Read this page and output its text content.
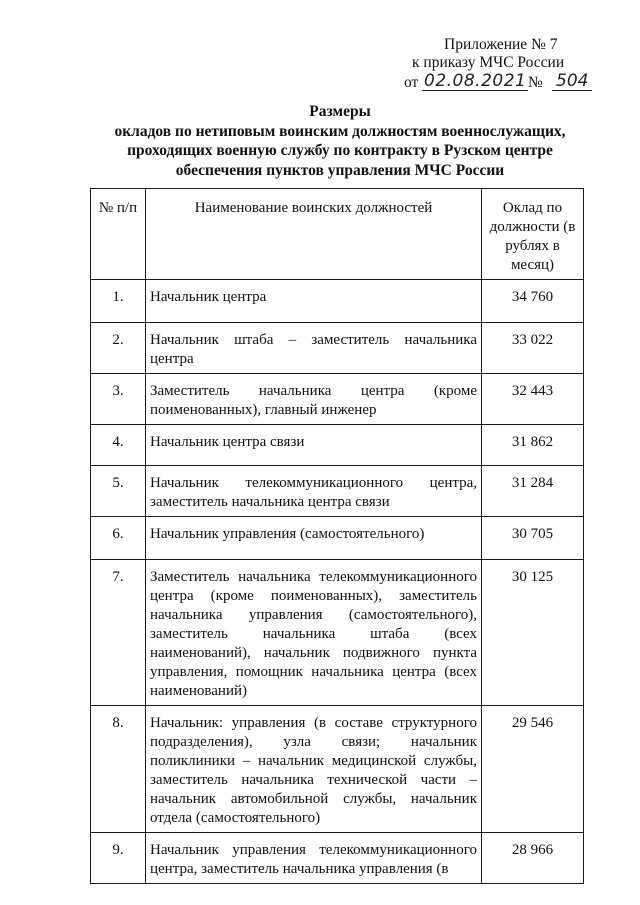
Приложение № 7
к приказу МЧС России
от 02.08.2021 № 504
Размеры
окладов по нетиповым воинским должностям военнослужащих,
проходящих военную службу по контракту в Рузском центре
обеспечения пунктов управления МЧС России
№ п/п	Наименование воинских должностей	Оклад по должности (в рублях в месяц)
1.	Начальник центра	34 760
2.	Начальник штаба – заместитель начальника центра	33 022
3.	Заместитель начальника центра (кроме поименованных), главный инженер	32 443
4.	Начальник центра связи	31 862
5.	Начальник телекоммуникационного центра, заместитель начальника центра связи	31 284
6.	Начальник управления (самостоятельного)	30 705
7.	Заместитель начальника телекоммуникационного центра (кроме поименованных), заместитель начальника управления (самостоятельного), заместитель начальника штаба (всех наименований), начальник подвижного пункта управления, помощник начальника центра (всех наименований)	30 125
8.	Начальник: управления (в составе структурного подразделения), узла связи; начальник поликлиники – начальник медицинской службы, заместитель начальника технической части – начальник автомобильной службы, начальник отдела (самостоятельного)	29 546
9.	Начальник управления телекоммуникационного центра, заместитель начальника управления (в	28 966
